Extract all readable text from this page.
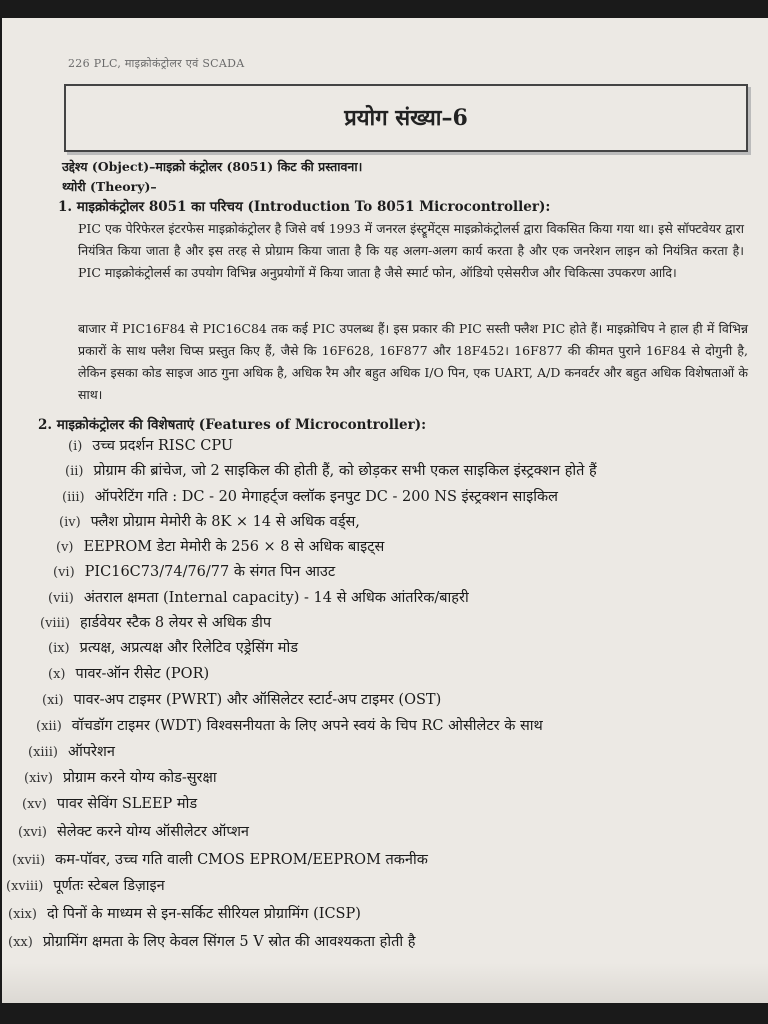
226 PLC, माइक्रोकंट्रोलर एवं SCADA
प्रयोग संख्या–6
उद्देश्य (Object)–माइक्रो कंट्रोलर (8051) किट की प्रस्तावना।
थ्योरी (Theory)–
1. माइक्रोकंट्रोलर 8051 का परिचय (Introduction To 8051 Microcontroller):
PIC एक पेरिफेरल इंटरफेस माइक्रोकंट्रोलर है जिसे वर्ष 1993 में जनरल इंस्ट्रूमेंट्स माइक्रोकंट्रोलर्स द्वारा विकसित किया गया था। इसे सॉफ्टवेयर द्वारा नियंत्रित किया जाता है और इस तरह से प्रोग्राम किया जाता है कि यह अलग-अलग कार्य करता है और एक जनरेशन लाइन को नियंत्रित करता है। PIC माइक्रोकंट्रोलर्स का उपयोग विभिन्न अनुप्रयोगों में किया जाता है जैसे स्मार्ट फोन, ऑडियो एसेसरीज और चिकित्सा उपकरण आदि।
बाजार में PIC16F84 से PIC16C84 तक कई PIC उपलब्ध हैं। इस प्रकार की PIC सस्ती फ्लैश PIC होते हैं। माइक्रोचिप ने हाल ही में विभिन्न प्रकारों के साथ फ्लैश चिप्स प्रस्तुत किए हैं, जैसे कि 16F628, 16F877 और 18F452। 16F877 की कीमत पुराने 16F84 से दोगुनी है, लेकिन इसका कोड साइज आठ गुना अधिक है, अधिक रैम और बहुत अधिक I/O पिन, एक UART, A/D कनवर्टर और बहुत अधिक विशेषताओं के साथ।
2. माइक्रोकंट्रोलर की विशेषताएं (Features of Microcontroller):
(i) उच्च प्रदर्शन RISC CPU
(ii) प्रोग्राम की ब्रांचेज, जो 2 साइकिल की होती हैं, को छोड़कर सभी एकल साइकिल इंस्ट्रक्शन होते हैं
(iii) ऑपरेटिंग गति : DC - 20 मेगाहर्ट्ज क्लॉक इनपुट DC - 200 NS इंस्ट्रक्शन साइकिल
(iv) फ्लैश प्रोग्राम मेमोरी के 8K × 14 से अधिक वर्ड्स,
(v) EEPROM डेटा मेमोरी के 256 × 8 से अधिक बाइट्स
(vi) PIC16C73/74/76/77 के संगत पिन आउट
(vii) अंतराल क्षमता (Internal capacity) - 14 से अधिक आंतरिक/बाहरी
(viii) हार्डवेयर स्टैक 8 लेयर से अधिक डीप
(ix) प्रत्यक्ष, अप्रत्यक्ष और रिलेटिव एड्रेसिंग मोड
(x) पावर-ऑन रीसेट (POR)
(xi) पावर-अप टाइमर (PWRT) और ऑसिलेटर स्टार्ट-अप टाइमर (OST)
(xii) वॉचडॉग टाइमर (WDT) विश्वसनीयता के लिए अपने स्वयं के चिप RC ओसीलेटर के साथ
(xiii) ऑपरेशन
(xiv) प्रोग्राम करने योग्य कोड-सुरक्षा
(xv) पावर सेविंग SLEEP मोड
(xvi) सेलेक्ट करने योग्य ऑसीलेटर ऑप्शन
(xvii) कम-पॉवर, उच्च गति वाली CMOS EPROM/EEPROM तकनीक
(xviii) पूर्णतः स्टेबल डिज़ाइन
(xix) दो पिनों के माध्यम से इन-सर्किट सीरियल प्रोग्रामिंग (ICSP)
(xx) प्रोग्रामिंग क्षमता के लिए केवल सिंगल 5 V स्रोत की आवश्यकता होती है
